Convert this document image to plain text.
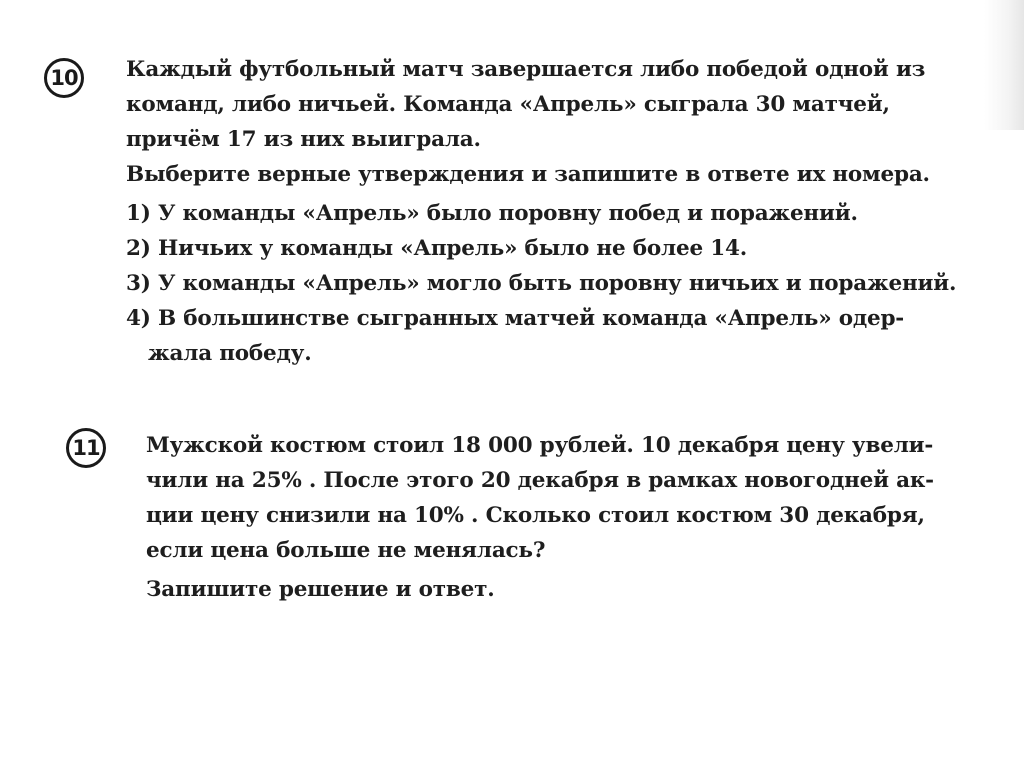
10 Каждый футбольный матч завершается либо победой одной из
команд, либо ничьей. Команда «Апрель» сыграла 30 матчей,
причём 17 из них выиграла.
Выберите верные утверждения и запишите в ответе их номера.
1) У команды «Апрель» было поровну побед и поражений.
2) Ничьих у команды «Апрель» было не более 14.
3) У команды «Апрель» могло быть поровну ничьих и поражений.
4) В большинстве сыгранных матчей команда «Апрель» одер-
жала победу.
11 Мужской костюм стоил 18 000 рублей. 10 декабря цену увели-
чили на 25% . После этого 20 декабря в рамках новогодней ак-
ции цену снизили на 10% . Сколько стоил костюм 30 декабря,
если цена больше не менялась?
Запишите решение и ответ.
